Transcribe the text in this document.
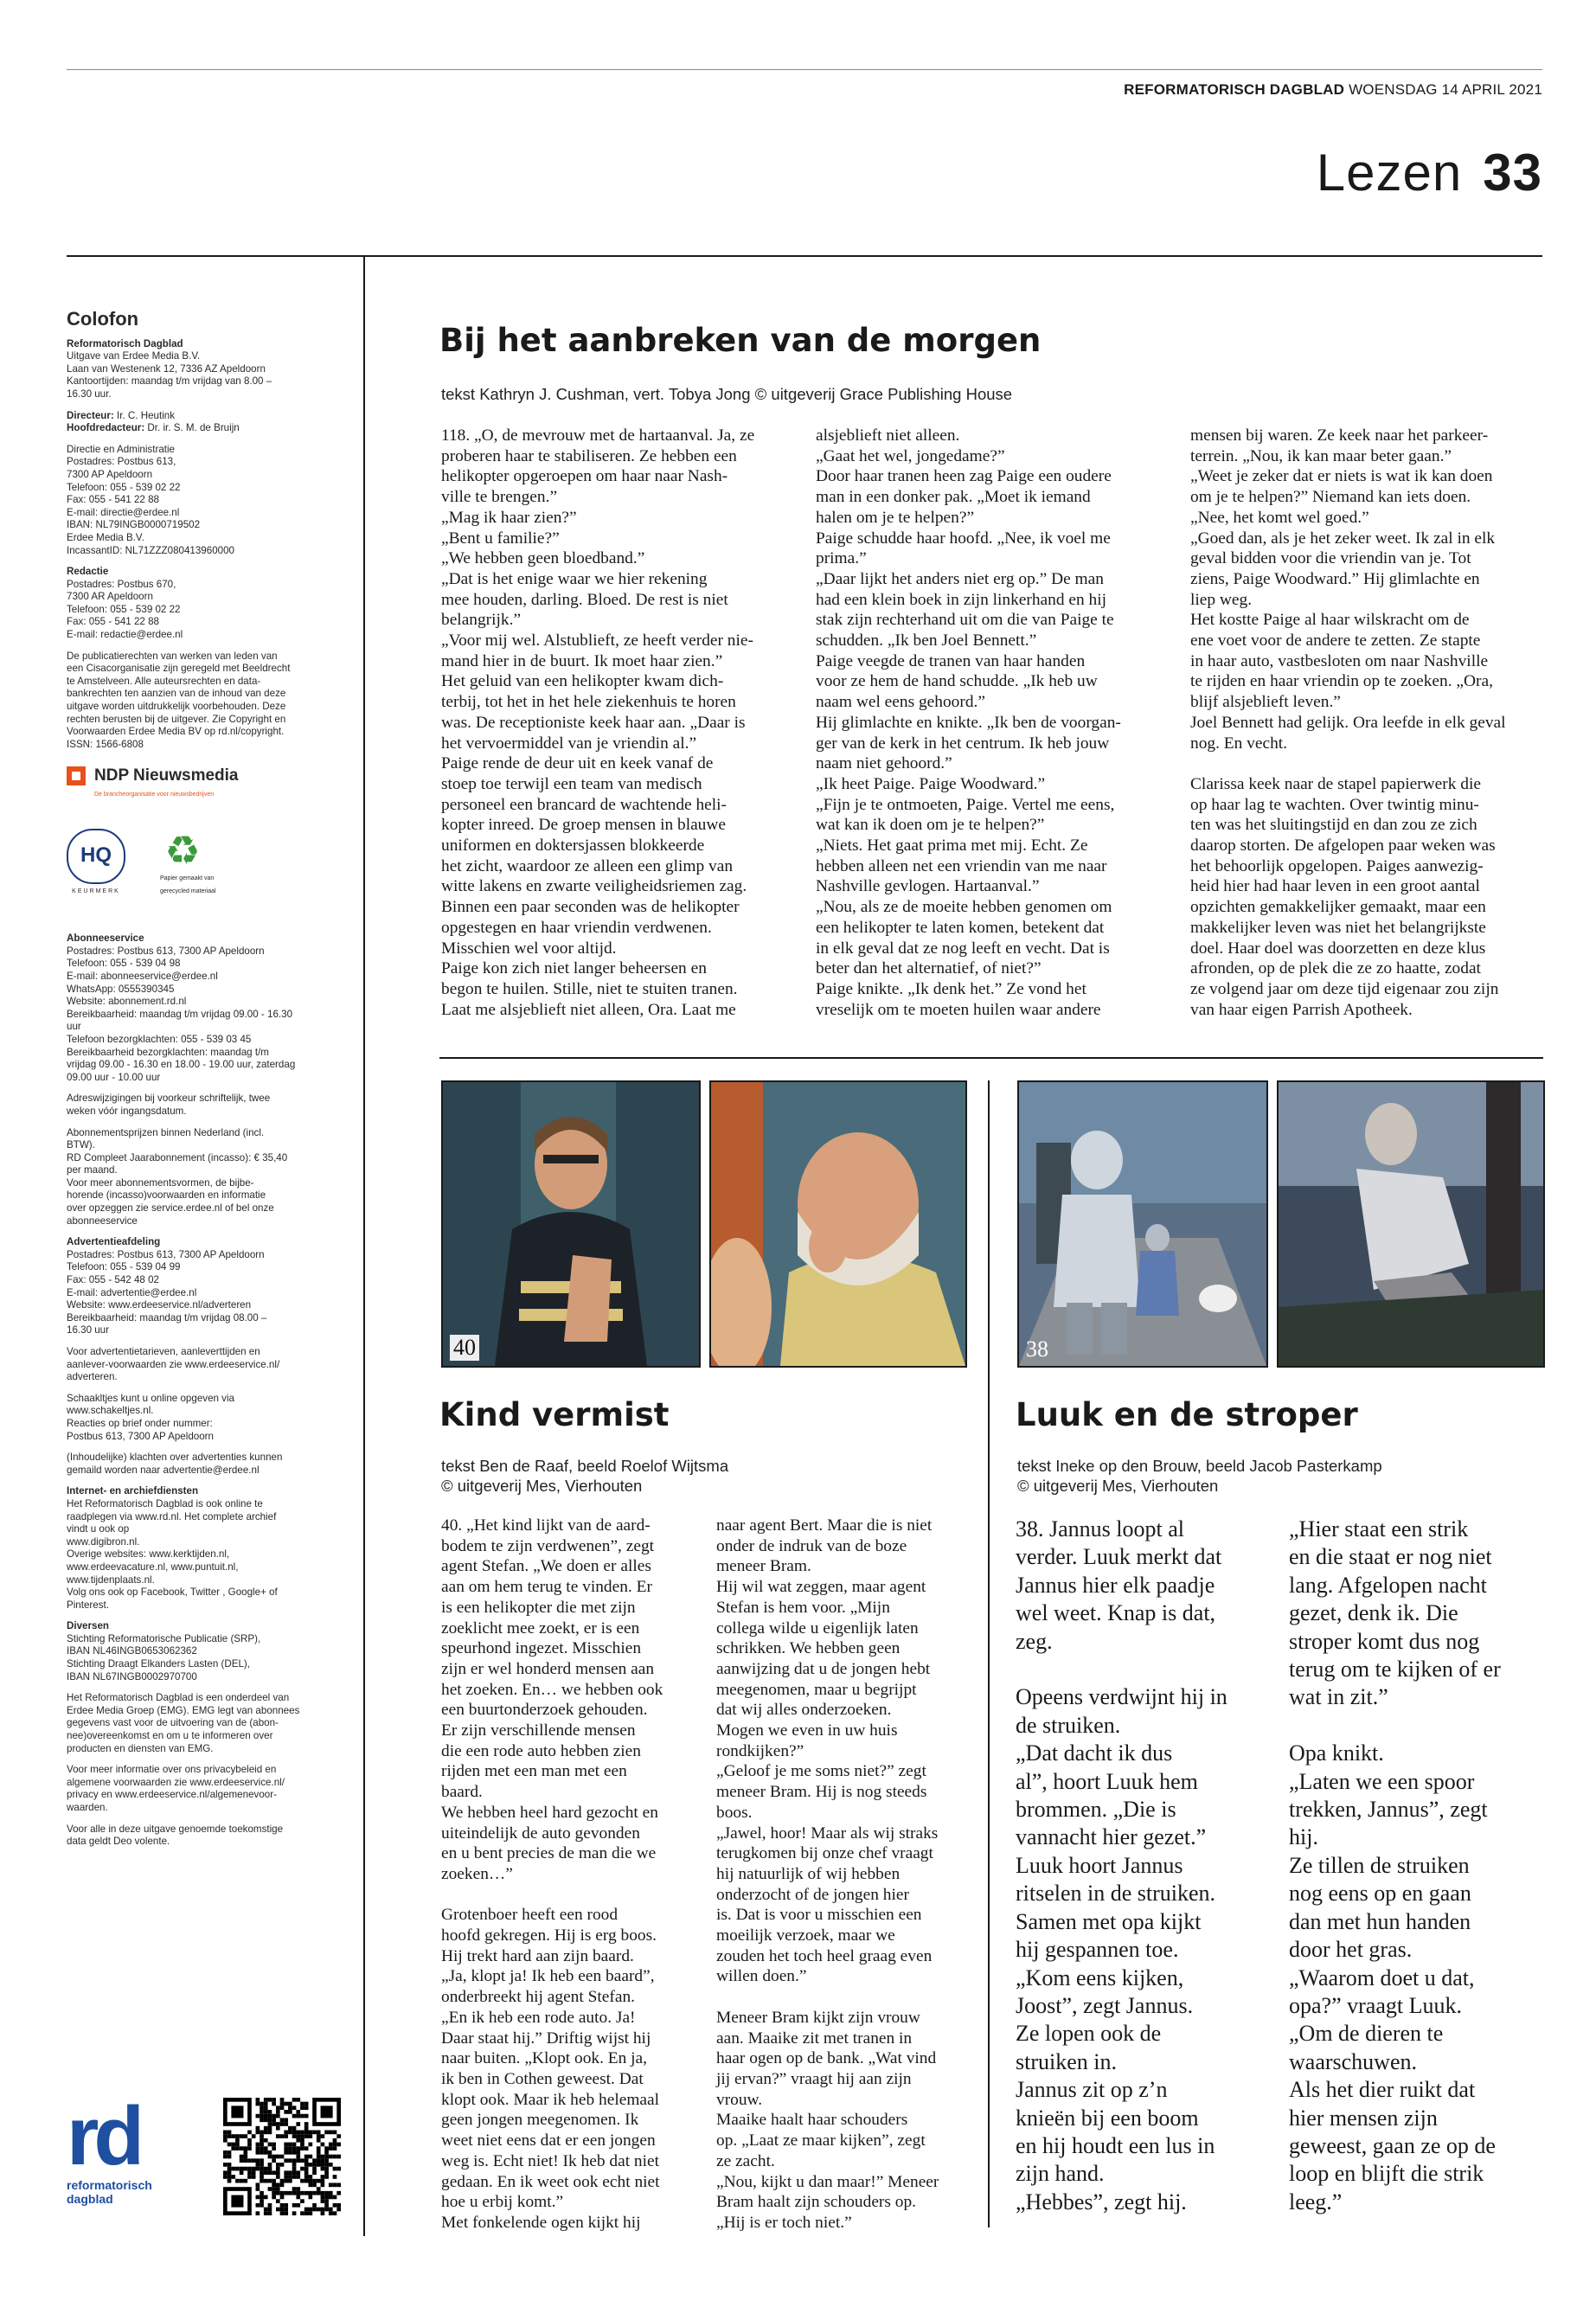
REFORMATORISCH DAGBLAD WOENSDAG 14 APRIL 2021
Lezen 33
Colofon

Reformatorisch Dagblad
Uitgave van Erdee Media B.V.
Laan van Westenenk 12, 7336 AZ Apeldoorn
Kantoortijden: maandag t/m vrijdag van 8.00 –
16.30 uur.

Directeur: Ir. C. Heutink
Hoofdredacteur: Dr. ir. S. M. de Bruijn

Directie en Administratie
Postadres: Postbus 613,
7300 AP Apeldoorn
Telefoon: 055 - 539 02 22
Fax: 055 - 541 22 88
E-mail: directie@erdee.nl
IBAN: NL79INGB0000719502
Erdee Media B.V.
IncassantID: NL71ZZZ080413960000

Redactie
Postadres: Postbus 670,
7300 AR Apeldoorn
Telefoon: 055 - 539 02 22
Fax: 055 - 541 22 88
E-mail: redactie@erdee.nl

De publicatierechten van werken van leden van
een Cisacorganisatie zijn geregeld met Beeldrecht
te Amstelveen. Alle auteursrechten en data-
bankrechten ten aanzien van de inhoud van deze
uitgave worden uitdrukkelijk voorbehouden. Deze
rechten berusten bij de uitgever. Zie Copyright en
Voorwaarden Erdee Media BV op rd.nl/copyright.
ISSN: 1566-6808

NDP Nieuwsmedia
De brancheorganisatie voor nieuwsbedrijven
HQ
KEURMERK
♻
Papier gemaakt van
gerecycled materiaal

Abonneeservice
Postadres: Postbus 613, 7300 AP Apeldoorn
Telefoon: 055 - 539 04 98
E-mail: abonneeservice@erdee.nl
WhatsApp: 0555390345
Website: abonnement.rd.nl
Bereikbaarheid: maandag t/m vrijdag 09.00 - 16.30
uur
Telefoon bezorgklachten: 055 - 539 03 45
Bereikbaarheid bezorgklachten: maandag t/m
vrijdag 09.00 - 16.30 en 18.00 - 19.00 uur, zaterdag
09.00 uur - 10.00 uur

Adreswijzigingen bij voorkeur schriftelijk, twee
weken vóór ingangsdatum.

Abonnementsprijzen binnen Nederland (incl.
BTW).
RD Compleet Jaarabonnement (incasso): € 35,40
per maand.
Voor meer abonnementsvormen, de bijbe-
horende (incasso)voorwaarden en informatie
over opzeggen zie service.erdee.nl of bel onze
abonneeservice

Advertentieafdeling
Postadres: Postbus 613, 7300 AP Apeldoorn
Telefoon: 055 - 539 04 99
Fax: 055 - 542 48 02
E-mail: advertentie@erdee.nl
Website: www.erdeeservice.nl/adverteren
Bereikbaarheid: maandag t/m vrijdag 08.00 –
16.30 uur

Voor advertentietarieven, aanleverttijden en
aanlever-voorwaarden zie www.erdeeservice.nl/
adverteren.

Schaakltjes kunt u online opgeven via
www.schakeltjes.nl.
Reacties op brief onder nummer:
Postbus 613, 7300 AP Apeldoorn

(Inhoudelijke) klachten over advertenties kunnen
gemaild worden naar advertentie@erdee.nl

Internet- en archiefdiensten
Het Reformatorisch Dagblad is ook online te
raadplegen via www.rd.nl. Het complete archief
vindt u ook op
www.digibron.nl.
Overige websites: www.kerktijden.nl,
www.erdeevacature.nl, www.puntuit.nl,
www.tijdenplaats.nl.
Volg ons ook op Facebook, Twitter , Google+ of
Pinterest.

Diversen
Stichting Reformatorische Publicatie (SRP),
IBAN NL46INGB0653062362
Stichting Draagt Elkanders Lasten (DEL),
IBAN NL67INGB0002970700

Het Reformatorisch Dagblad is een onderdeel van
Erdee Media Groep (EMG). EMG legt van abonnees
gegevens vast voor de uitvoering van de (abon-
nee)overeenkomst en om u te informeren over
producten en diensten van EMG.

Voor meer informatie over ons privacybeleid en
algemene voorwaarden zie www.erdeeservice.nl/
privacy en www.erdeeservice.nl/algemenevoor-
waarden.

Voor alle in deze uitgave genoemde toekomstige
data geldt Deo volente.

rd
reformatorisch
dagblad
Bij het aanbreken van de morgen
tekst Kathryn J. Cushman, vert. Tobya Jong © uitgeverij Grace Publishing House
118. „O, de mevrouw met de hartaanval. Ja, ze
proberen haar te stabiliseren. Ze hebben een
helikopter opgeroepen om haar naar Nash-
ville te brengen.”
„Mag ik haar zien?”
„Bent u familie?”
„We hebben geen bloedband.”
„Dat is het enige waar we hier rekening
mee houden, darling. Bloed. De rest is niet
belangrijk.”
„Voor mij wel. Alstublieft, ze heeft verder nie-
mand hier in de buurt. Ik moet haar zien.”
Het geluid van een helikopter kwam dich-
terbij, tot het in het hele ziekenhuis te horen
was. De receptioniste keek haar aan. „Daar is
het vervoermiddel van je vriendin al.”
Paige rende de deur uit en keek vanaf de
stoep toe terwijl een team van medisch
personeel een brancard de wachtende heli-
kopter inreed. De groep mensen in blauwe
uniformen en doktersjassen blokkeerde
het zicht, waardoor ze alleen een glimp van
witte lakens en zwarte veiligheidsriemen zag.
Binnen een paar seconden was de helikopter
opgestegen en haar vriendin verdwenen.
Misschien wel voor altijd.
Paige kon zich niet langer beheersen en
begon te huilen. Stille, niet te stuiten tranen.
Laat me alsjeblieft niet alleen, Ora. Laat me
alsjeblieft niet alleen.
„Gaat het wel, jongedame?”
Door haar tranen heen zag Paige een oudere
man in een donker pak. „Moet ik iemand
halen om je te helpen?”
Paige schudde haar hoofd. „Nee, ik voel me
prima.”
„Daar lijkt het anders niet erg op.” De man
had een klein boek in zijn linkerhand en hij
stak zijn rechterhand uit om die van Paige te
schudden. „Ik ben Joel Bennett.”
Paige veegde de tranen van haar handen
voor ze hem de hand schudde. „Ik heb uw
naam wel eens gehoord.”
Hij glimlachte en knikte. „Ik ben de voorgan-
ger van de kerk in het centrum. Ik heb jouw
naam niet gehoord.”
„Ik heet Paige. Paige Woodward.”
„Fijn je te ontmoeten, Paige. Vertel me eens,
wat kan ik doen om je te helpen?”
„Niets. Het gaat prima met mij. Echt. Ze
hebben alleen net een vriendin van me naar
Nashville gevlogen. Hartaanval.”
„Nou, als ze de moeite hebben genomen om
een helikopter te laten komen, betekent dat
in elk geval dat ze nog leeft en vecht. Dat is
beter dan het alternatief, of niet?”
Paige knikte. „Ik denk het.” Ze vond het
vreselijk om te moeten huilen waar andere
mensen bij waren. Ze keek naar het parkeer-
terrein. „Nou, ik kan maar beter gaan.”
„Weet je zeker dat er niets is wat ik kan doen
om je te helpen?” Niemand kan iets doen.
„Nee, het komt wel goed.”
„Goed dan, als je het zeker weet. Ik zal in elk
geval bidden voor die vriendin van je. Tot
ziens, Paige Woodward.” Hij glimlachte en
liep weg.
Het kostte Paige al haar wilskracht om de
ene voet voor de andere te zetten. Ze stapte
in haar auto, vastbesloten om naar Nashville
te rijden en haar vriendin op te zoeken. „Ora,
blijf alsjeblieft leven.”
Joel Bennett had gelijk. Ora leefde in elk geval
nog. En vecht.

Clarissa keek naar de stapel papierwerk die
op haar lag te wachten. Over twintig minu-
ten was het sluitingstijd en dan zou ze zich
daarop storten. De afgelopen paar weken was
het behoorlijk opgelopen. Paiges aanwezig-
heid hier had haar leven in een groot aantal
opzichten gemakkelijker gemaakt, maar een
makkelijker leven was niet het belangrijkste
doel. Haar doel was doorzetten en deze klus
afronden, op de plek die ze zo haatte, zodat
ze volgend jaar om deze tijd eigenaar zou zijn
van haar eigen Parrish Apotheek.
40
Kind vermist
tekst Ben de Raaf, beeld Roelof Wijtsma
© uitgeverij Mes, Vierhouten
40. „Het kind lijkt van de aard-
bodem te zijn verdwenen”, zegt
agent Stefan. „We doen er alles
aan om hem terug te vinden. Er
is een helikopter die met zijn
zoeklicht mee zoekt, er is een
speurhond ingezet. Misschien
zijn er wel honderd mensen aan
het zoeken. En… we hebben ook
een buurtonderzoek gehouden.
Er zijn verschillende mensen
die een rode auto hebben zien
rijden met een man met een
baard.
We hebben heel hard gezocht en
uiteindelijk de auto gevonden
en u bent precies de man die we
zoeken…”

Grotenboer heeft een rood
hoofd gekregen. Hij is erg boos.
Hij trekt hard aan zijn baard.
„Ja, klopt ja! Ik heb een baard”,
onderbreekt hij agent Stefan.
„En ik heb een rode auto. Ja!
Daar staat hij.” Driftig wijst hij
naar buiten. „Klopt ook. En ja,
ik ben in Cothen geweest. Dat
klopt ook. Maar ik heb helemaal
geen jongen meegenomen. Ik
weet niet eens dat er een jongen
weg is. Echt niet! Ik heb dat niet
gedaan. En ik weet ook echt niet
hoe u erbij komt.”
Met fonkelende ogen kijkt hij
naar agent Bert. Maar die is niet
onder de indruk van de boze
meneer Bram.
Hij wil wat zeggen, maar agent
Stefan is hem voor. „Mijn
collega wilde u eigenlijk laten
schrikken. We hebben geen
aanwijzing dat u de jongen hebt
meegenomen, maar u begrijpt
dat wij alles onderzoeken.
Mogen we even in uw huis
rondkijken?”
„Geloof je me soms niet?” zegt
meneer Bram. Hij is nog steeds
boos.
„Jawel, hoor! Maar als wij straks
terugkomen bij onze chef vraagt
hij natuurlijk of wij hebben
onderzocht of de jongen hier
is. Dat is voor u misschien een
moeilijk verzoek, maar we
zouden het toch heel graag even
willen doen.”

Meneer Bram kijkt zijn vrouw
aan. Maaike zit met tranen in
haar ogen op de bank. „Wat vind
jij ervan?” vraagt hij aan zijn
vrouw.
Maaike haalt haar schouders
op. „Laat ze maar kijken”, zegt
ze zacht.
„Nou, kijkt u dan maar!” Meneer
Bram haalt zijn schouders op.
„Hij is er toch niet.”
38
Luuk en de stroper
tekst Ineke op den Brouw, beeld Jacob Pasterkamp
© uitgeverij Mes, Vierhouten
38. Jannus loopt al
verder. Luuk merkt dat
Jannus hier elk paadje
wel weet. Knap is dat,
zeg.

Opeens verdwijnt hij in
de struiken.
„Dat dacht ik dus
al”, hoort Luuk hem
brommen. „Die is
vannacht hier gezet.”
Luuk hoort Jannus
ritselen in de struiken.
Samen met opa kijkt
hij gespannen toe.
„Kom eens kijken,
Joost”, zegt Jannus.
Ze lopen ook de
struiken in.
Jannus zit op z’n
knieën bij een boom
en hij houdt een lus in
zijn hand.
„Hebbes”, zegt hij.
„Hier staat een strik
en die staat er nog niet
lang. Afgelopen nacht
gezet, denk ik. Die
stroper komt dus nog
terug om te kijken of er
wat in zit.”

Opa knikt.
„Laten we een spoor
trekken, Jannus”, zegt
hij.
Ze tillen de struiken
nog eens op en gaan
dan met hun handen
door het gras.
„Waarom doet u dat,
opa?” vraagt Luuk.
„Om de dieren te
waarschuwen.
Als het dier ruikt dat
hier mensen zijn
geweest, gaan ze op de
loop en blijft die strik
leeg.”
